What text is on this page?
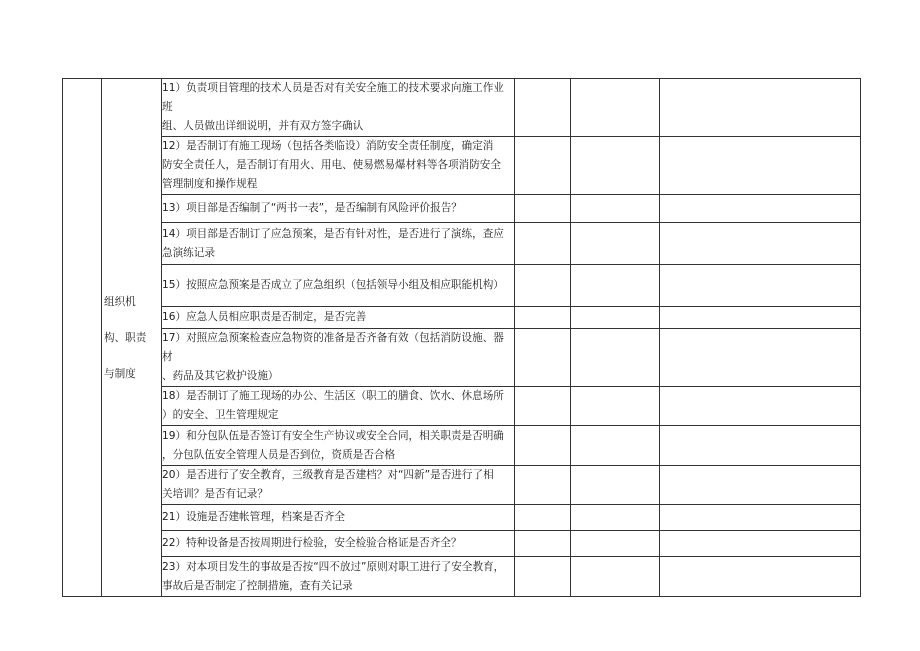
	组织机
构、职责
与制度	11）负责项目管理的技术人员是否对有关安全施工的技术要求向施工作业班
组、人员做出详细说明，并有双方签字确认			

		12）是否制订有施工现场（包括各类临设）消防安全责任制度，确定消
防安全责任人，是否制订有用火、用电、使易燃易爆材料等各项消防安全
管理制度和操作规程			

		13）项目部是否编制了“两书一表”，是否编制有风险评价报告？			

		14）项目部是否制订了应急预案，是否有针对性，是否进行了演练，查应
急演练记录			

		15）按照应急预案是否成立了应急组织（包括领导小组及相应职能机构）			

		16）应急人员相应职责是否制定，是否完善			

		17）对照应急预案检查应急物资的准备是否齐备有效（包括消防设施、器材
、药品及其它救护设施）			

		18）是否制订了施工现场的办公、生活区（职工的膳食、饮水、休息场所
）的安全、卫生管理规定			

		19）和分包队伍是否签订有安全生产协议或安全合同，相关职责是否明确
，分包队伍安全管理人员是否到位，资质是否合格			

		20）是否进行了安全教育，三级教育是否建档？对“四新”是否进行了相
关培训？是否有记录？			

		21）设施是否建帐管理，档案是否齐全			

		22）特种设备是否按周期进行检验，安全检验合格证是否齐全？			

		23）对本项目发生的事故是否按“四不放过”原则对职工进行了安全教育，
事故后是否制定了控制措施，查有关记录			
